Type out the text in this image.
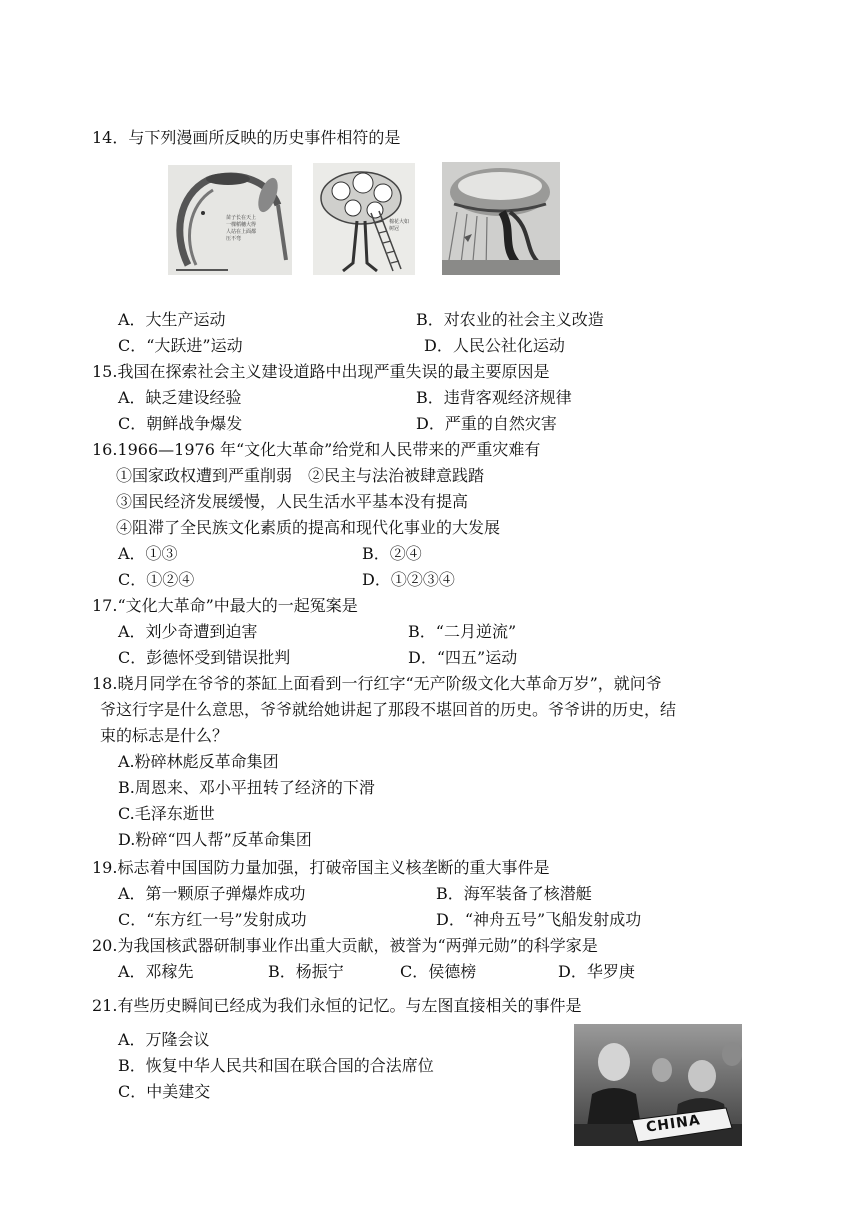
14．与下列漫画所反映的历史事件相符的是
苗子长在天上
一棵稻穗大得
人站在上面都
压不弯
棉花大如
树冠
A．大生产运动	B．对农业的社会主义改造
C．“大跃进”运动	D．人民公社化运动
15.我国在探索社会主义建设道路中出现严重失误的最主要原因是
A．缺乏建设经验	B．违背客观经济规律
C．朝鲜战争爆发	D．严重的自然灾害
16.1966—1976 年“文化大革命”给党和人民带来的严重灾难有
①国家政权遭到严重削弱　②民主与法治被肆意践踏
③国民经济发展缓慢，人民生活水平基本没有提高
④阻滞了全民族文化素质的提高和现代化事业的大发展
A．①③	B．②④
C．①②④	D．①②③④
17.“文化大革命”中最大的一起冤案是
A．刘少奇遭到迫害	B．“二月逆流”
C．彭德怀受到错误批判	D．“四五”运动
18.晓月同学在爷爷的茶缸上面看到一行红字“无产阶级文化大革命万岁”，就问爷
爷这行字是什么意思，爷爷就给她讲起了那段不堪回首的历史。爷爷讲的历史，结
束的标志是什么？
A.粉碎林彪反革命集团
B.周恩来、邓小平扭转了经济的下滑
C.毛泽东逝世
D.粉碎“四人帮”反革命集团
19.标志着中国国防力量加强，打破帝国主义核垄断的重大事件是
A．第一颗原子弹爆炸成功	B．海军装备了核潜艇
C．“东方红一号”发射成功	D．“神舟五号”飞船发射成功
20.为我国核武器研制事业作出重大贡献，被誉为“两弹元勋”的科学家是
A．邓稼先	B．杨振宁	C．侯德榜	D．华罗庚
21.有些历史瞬间已经成为我们永恒的记忆。与左图直接相关的事件是
A．万隆会议
B．恢复中华人民共和国在联合国的合法席位
C．中美建交
CHINA
